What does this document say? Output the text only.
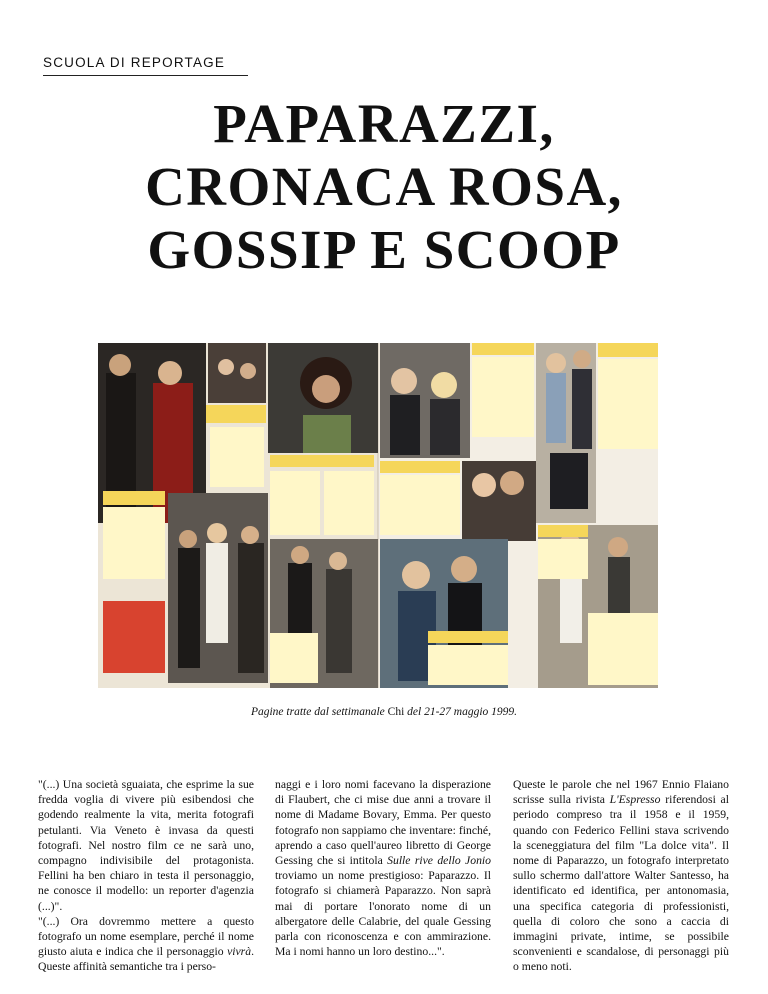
SCUOLA DI REPORTAGE
PAPARAZZI,
CRONACA ROSA,
GOSSIP E SCOOP
Pagine tratte dal settimanale Chi del 21-27 maggio 1999.

"(...) Una società sguaiata, che esprime la sue fredda voglia di vivere più esibendosi che godendo realmente la vita, merita fotografi petulanti. Via Veneto è invasa da questi fotografi. Nel nostro film ce ne sarà uno, compagno indivisibile del protagonista. Fellini ha ben chiaro in testa il personaggio, ne conosce il modello: un reporter d'agenzia (...)".

"(...) Ora dovremmo mettere a questo fotografo un nome esemplare, perché il nome giusto aiuta e indica che il personaggio vivrà. Queste affinità semantiche tra i perso-

naggi e i loro nomi facevano la disperazione di Flaubert, che ci mise due anni a trovare il nome di Madame Bovary, Emma. Per questo fotografo non sappiamo che inventare: finché, aprendo a caso quell'aureo libretto di George Gessing che si intitola Sulle rive dello Jonio troviamo un nome prestigioso: Paparazzo. Il fotografo si chiamerà Paparazzo. Non saprà mai di portare l'onorato nome di un albergatore delle Calabrie, del quale Gessing parla con riconoscenza e con ammirazione. Ma i nomi hanno un loro destino...".

Queste le parole che nel 1967 Ennio Flaiano scrisse sulla rivista L'Espresso riferendosi al periodo compreso tra il 1958 e il 1959, quando con Federico Fellini stava scrivendo la sceneggiatura del film "La dolce vita". Il nome di Paparazzo, un fotografo interpretato sullo schermo dall'attore Walter Santesso, ha identificato ed identifica, per antonomasia, una specifica categoria di professionisti, quella di coloro che sono a caccia di immagini private, intime, se possibile sconvenienti e scandalose, di personaggi più o meno noti.
